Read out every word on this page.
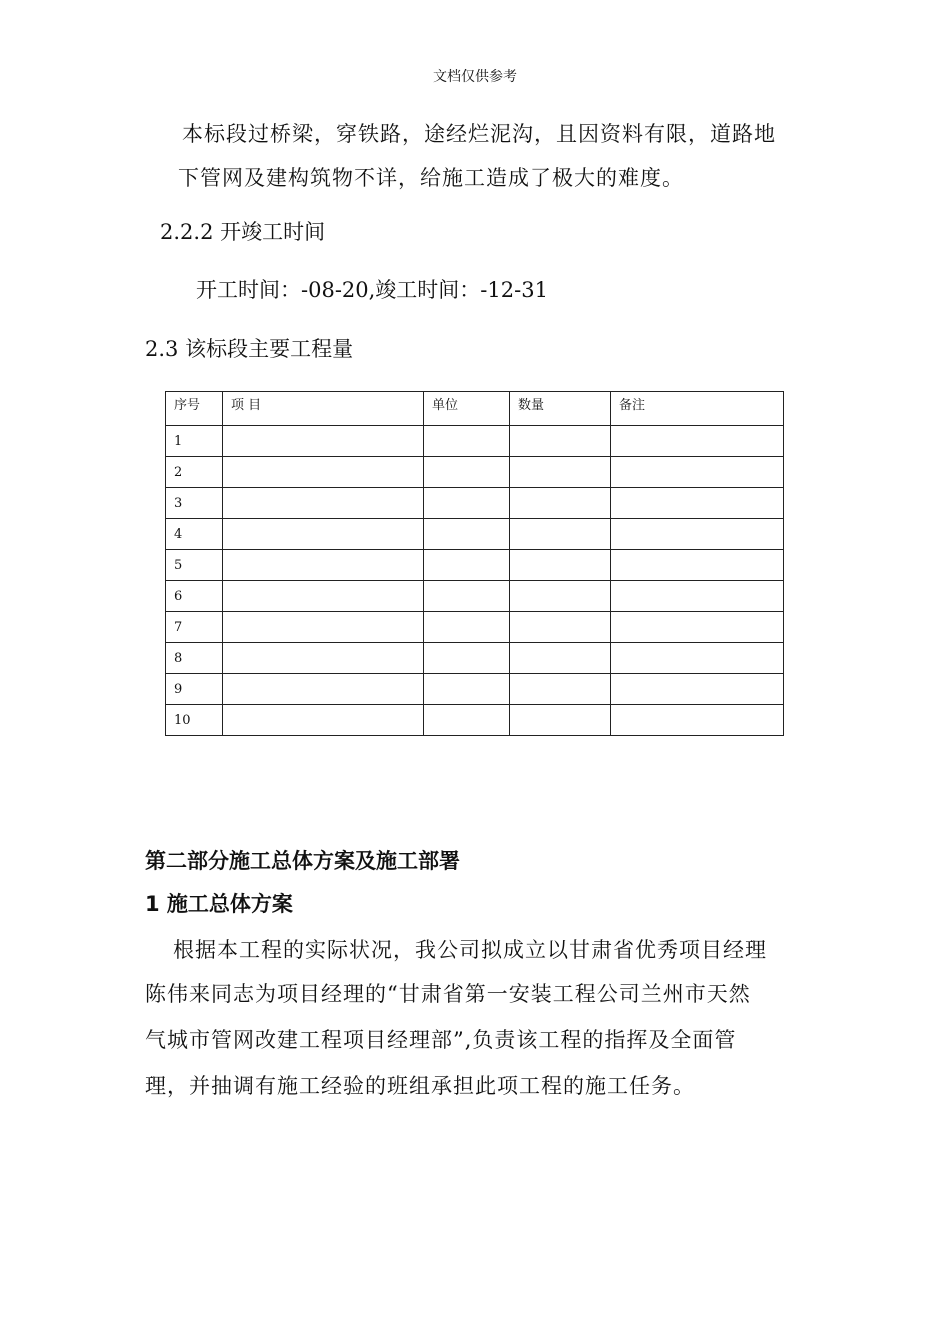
文档仅供参考
本标段过桥梁，穿铁路，途经烂泥沟，且因资料有限，道路地
下管网及建构筑物不详，给施工造成了极大的难度。
2.2.2 开竣工时间
开工时间：-08-20,竣工时间：-12-31
2.3 该标段主要工程量
序号	项 目	单位	数量	备注
1				
2				
3				
4				
5				
6				
7				
8				
9				
10				
第二部分施工总体方案及施工部署
1 施工总体方案
根据本工程的实际状况，我公司拟成立以甘肃省优秀项目经理
陈伟来同志为项目经理的“甘肃省第一安装工程公司兰州市天然
气城市管网改建工程项目经理部”,负责该工程的指挥及全面管
理，并抽调有施工经验的班组承担此项工程的施工任务。
